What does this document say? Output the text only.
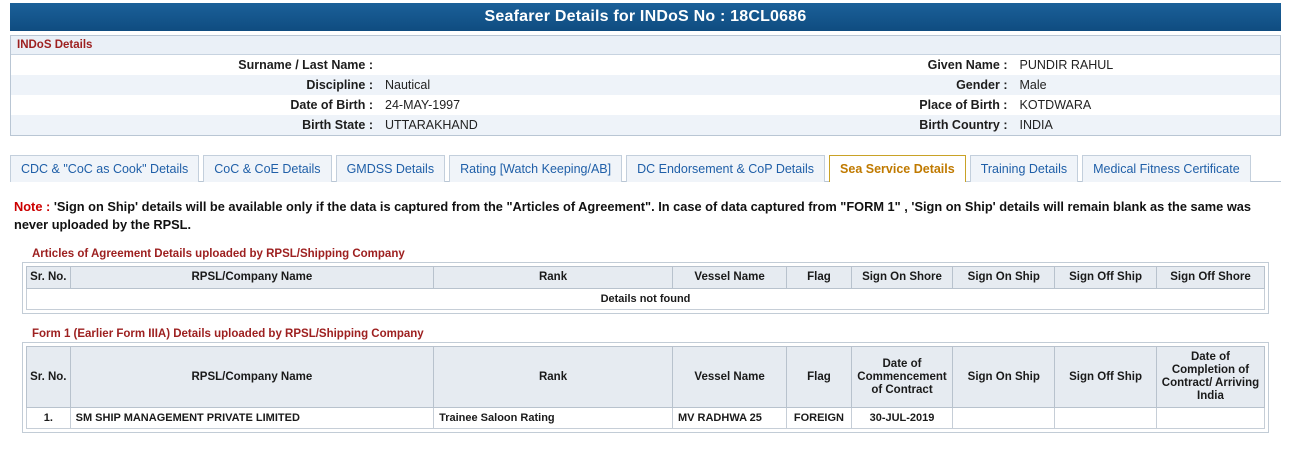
Seafarer Details for INDoS No : 18CL0686
INDoS Details
Surname / Last Name :		Given Name :	PUNDIR RAHUL
Discipline :	Nautical	Gender :	Male
Date of Birth :	24-MAY-1997	Place of Birth :	KOTDWARA
Birth State :	UTTARAKHAND	Birth Country :	INDIA
CDC & "CoC as Cook" Details	CoC & CoE Details	GMDSS Details	Rating [Watch Keeping/AB]	DC Endorsement & CoP Details	Sea Service Details	Training Details	Medical Fitness Certificate
Note : 'Sign on Ship' details will be available only if the data is captured from the "Articles of Agreement". In case of data captured from "FORM 1" , 'Sign on Ship' details will remain blank as the same was never uploaded by the RPSL.
Articles of Agreement Details uploaded by RPSL/Shipping Company
Sr. No.	RPSL/Company Name	Rank	Vessel Name	Flag	Sign On Shore	Sign On Ship	Sign Off Ship	Sign Off Shore
Details not found
Form 1 (Earlier Form IIIA) Details uploaded by RPSL/Shipping Company
Sr. No.	RPSL/Company Name	Rank	Vessel Name	Flag	Date of Commencement of Contract	Sign On Ship	Sign Off Ship	Date of Completion of Contract/ Arriving India
1.	SM SHIP MANAGEMENT PRIVATE LIMITED	Trainee Saloon Rating	MV RADHWA 25	FOREIGN	30-JUL-2019			
